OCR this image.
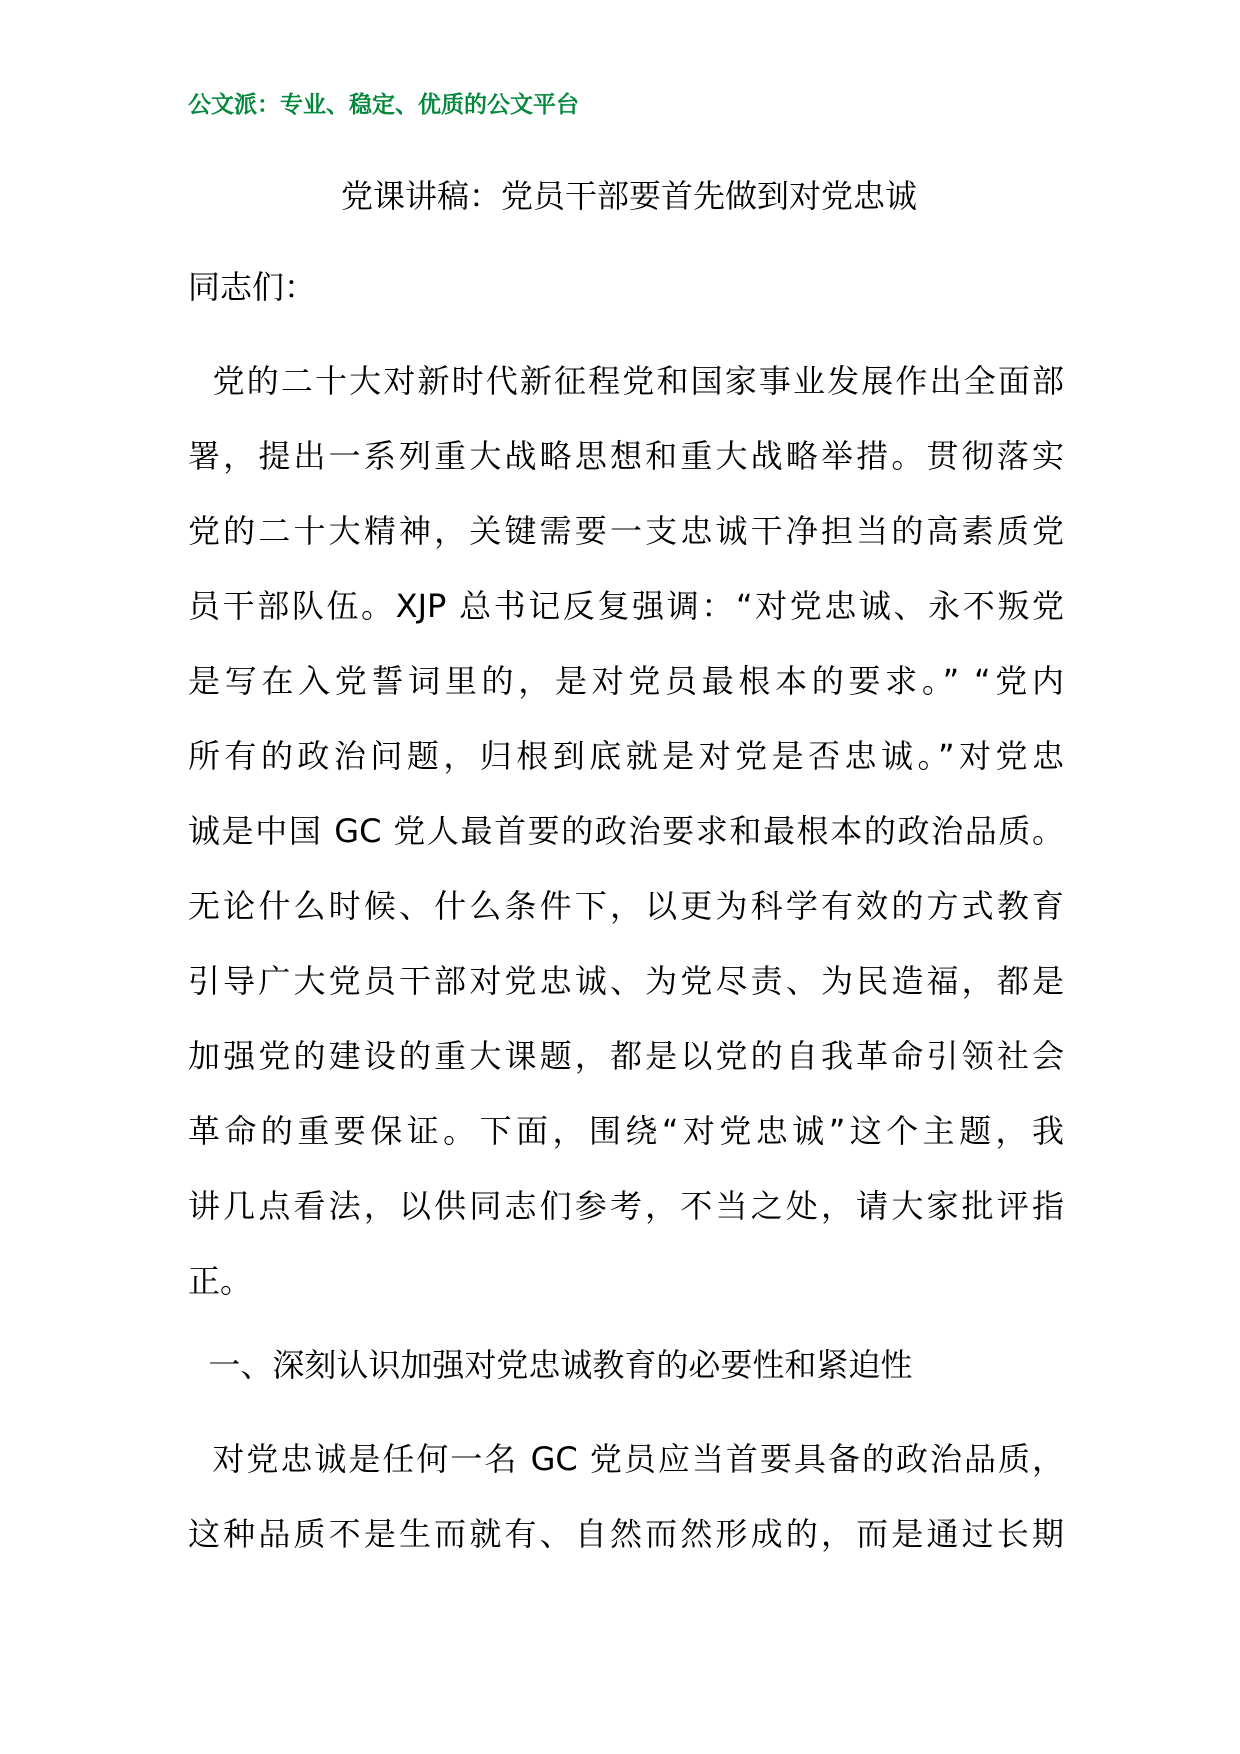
公文派：专业、稳定、优质的公文平台
党课讲稿：党员干部要首先做到对党忠诚
同志们：
党的二十大对新时代新征程党和国家事业发展作出全面部
署，提出一系列重大战略思想和重大战略举措。贯彻落实
党的二十大精神，关键需要一支忠诚干净担当的高素质党
员干部队伍。XJP 总书记反复强调：“对党忠诚、永不叛党
是写在入党誓词里的，是对党员最根本的要求。” “党内
所有的政治问题，归根到底就是对党是否忠诚。”对党忠
诚是中国 GC 党人最首要的政治要求和最根本的政治品质。
无论什么时候、什么条件下，以更为科学有效的方式教育
引导广大党员干部对党忠诚、为党尽责、为民造福，都是
加强党的建设的重大课题，都是以党的自我革命引领社会
革命的重要保证。下面，围绕“对党忠诚”这个主题，我
讲几点看法，以供同志们参考，不当之处，请大家批评指
正。
一、深刻认识加强对党忠诚教育的必要性和紧迫性
对党忠诚是任何一名 GC 党员应当首要具备的政治品质，
这种品质不是生而就有、自然而然形成的，而是通过长期
